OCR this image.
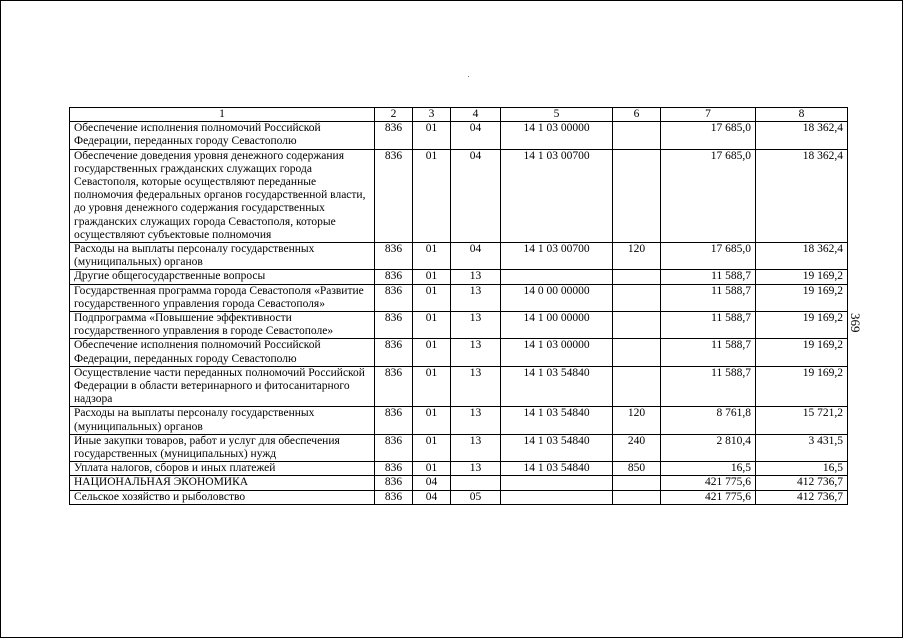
369
1	2	3	4	5	6	7	8
Обеспечение исполнения полномочий Российской Федерации, переданных городу Севастополю	836	01	04	14 1 03 00000		17 685,0	18 362,4
Обеспечение доведения уровня денежного содержания государственных гражданских служащих города Севастополя, которые осуществляют переданные полномочия федеральных органов государственной власти, до уровня денежного содержания государственных гражданских служащих города Севастополя, которые осуществляют субъектовые полномочия	836	01	04	14 1 03 00700		17 685,0	18 362,4
Расходы на выплаты персоналу государственных (муниципальных) органов	836	01	04	14 1 03 00700	120	17 685,0	18 362,4
Другие общегосударственные вопросы	836	01	13			11 588,7	19 169,2
Государственная программа города Севастополя «Развитие государственного управления города Севастополя»	836	01	13	14 0 00 00000		11 588,7	19 169,2
Подпрограмма «Повышение эффективности государственного управления в городе Севастополе»	836	01	13	14 1 00 00000		11 588,7	19 169,2
Обеспечение исполнения полномочий Российской Федерации, переданных городу Севастополю	836	01	13	14 1 03 00000		11 588,7	19 169,2
Осуществление части переданных полномочий Российской Федерации в области ветеринарного и фитосанитарного надзора	836	01	13	14 1 03 54840		11 588,7	19 169,2
Расходы на выплаты персоналу государственных (муниципальных) органов	836	01	13	14 1 03 54840	120	8 761,8	15 721,2
Иные закупки товаров, работ и услуг для обеспечения государственных (муниципальных) нужд	836	01	13	14 1 03 54840	240	2 810,4	3 431,5
Уплата налогов, сборов и иных платежей	836	01	13	14 1 03 54840	850	16,5	16,5
НАЦИОНАЛЬНАЯ ЭКОНОМИКА	836	04				421 775,6	412 736,7
Сельское хозяйство и рыболовство	836	04	05			421 775,6	412 736,7
